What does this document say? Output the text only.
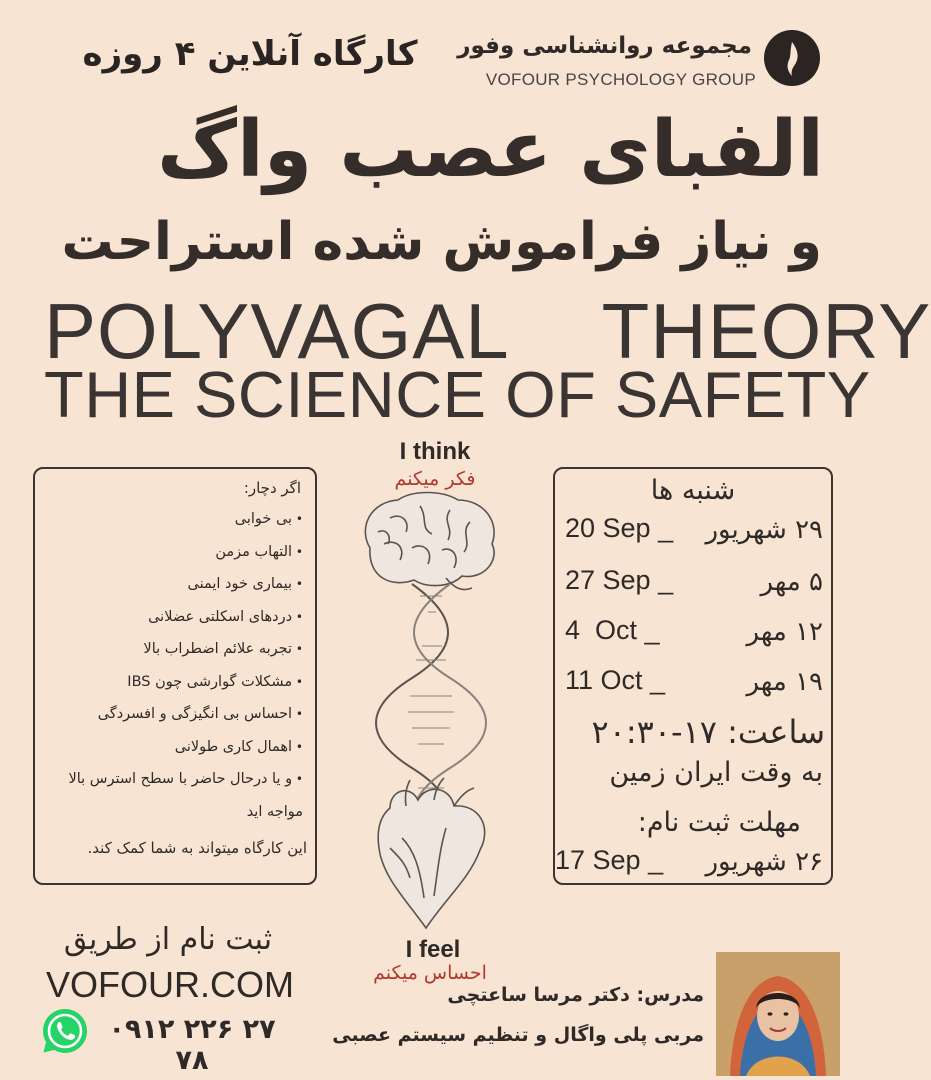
مجموعه روانشناسی وفور
VOFOUR PSYCHOLOGY GROUP
کارگاه آنلاین ۴ روزه
الفبای عصب واگ
و نیاز فراموش شده استراحت
POLYVAGAL THEORY
THE SCIENCE OF SAFETY
I think
فکر میکنم
I feel
احساس میکنم
اگر دچار:
• بی خوابی
• التهاب مزمن
• بیماری خود ایمنی
• دردهای اسکلتی عضلانی
• تجربه علائم اضطراب بالا
• مشکلات گوارشی چون IBS
• احساس بی انگیزگی و افسردگی
• اهمال کاری طولانی
• و یا درحال حاضر با سطح استرس بالا
مواجه اید
این کارگاه میتواند به شما کمک کند.
شنبه ها
20 Sep _ ۲۹ شهریور
27 Sep _	۵ مهر
4  Oct _	۱۲ مهر
11 Oct _	۱۹ مهر
ساعت: ۱۷-۲۰:۳۰
به وقت ایران زمین
مهلت ثبت نام:
17 Sep _ ۲۶ شهریور
ثبت نام از طریق
VOFOUR.COM
۰۹۱۲ ۲۲۶ ۲۷ ۷۸
مدرس: دکتر مرسا ساعتچی
مربی پلی واگال و تنظیم سیستم عصبی
